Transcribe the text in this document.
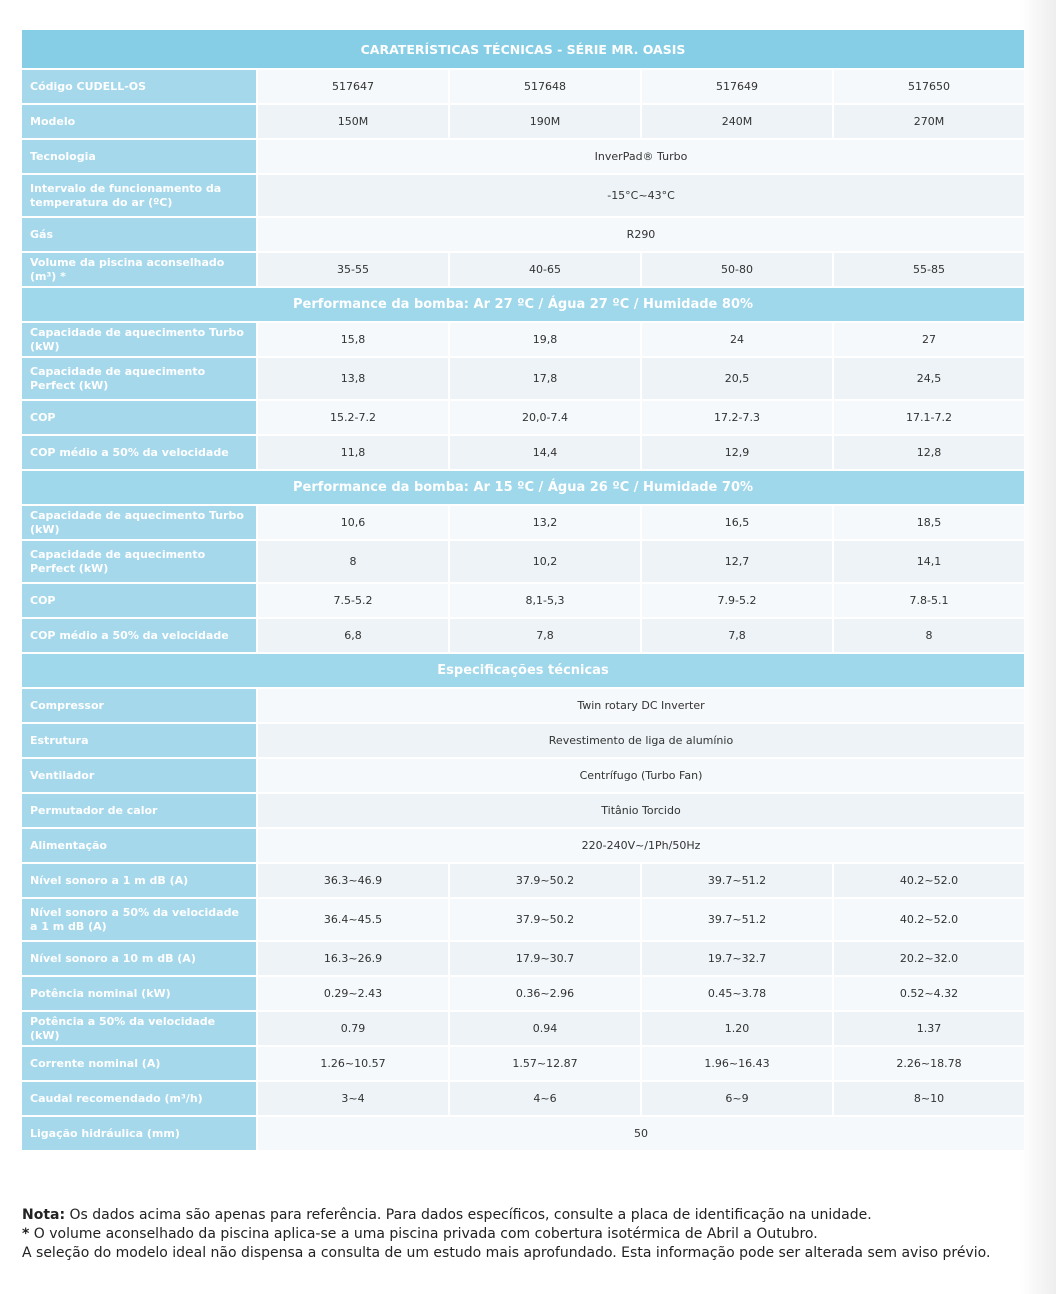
CARATERÍSTICAS TÉCNICAS - SÉRIE MR. OASIS
Código CUDELL-OS	517647	517648	517649	517650
Modelo	150M	190M	240M	270M
Tecnologia	InverPad® Turbo
Intervalo de funcionamento da temperatura do ar (ºC)	-15°C~43°C
Gás	R290
Volume da piscina aconselhado (m³) *	35-55	40-65	50-80	55-85
Performance da bomba: Ar 27 ºC / Água 27 ºC / Humidade 80%
Capacidade de aquecimento Turbo (kW)	15,8	19,8	24	27
Capacidade de aquecimento Perfect (kW)	13,8	17,8	20,5	24,5
COP	15.2-7.2	20,0-7.4	17.2-7.3	17.1-7.2
COP médio a 50% da velocidade	11,8	14,4	12,9	12,8
Performance da bomba: Ar 15 ºC / Água 26 ºC / Humidade 70%
Capacidade de aquecimento Turbo (kW)	10,6	13,2	16,5	18,5
Capacidade de aquecimento Perfect (kW)	8	10,2	12,7	14,1
COP	7.5-5.2	8,1-5,3	7.9-5.2	7.8-5.1
COP médio a 50% da velocidade	6,8	7,8	7,8	8
Especificações técnicas
Compressor	Twin rotary DC Inverter
Estrutura	Revestimento de liga de alumínio
Ventilador	Centrífugo (Turbo Fan)
Permutador de calor	Titânio Torcido
Alimentação	220-240V~/1Ph/50Hz
Nível sonoro a 1 m dB (A)	36.3~46.9	37.9~50.2	39.7~51.2	40.2~52.0
Nível sonoro a 50% da velocidade a 1 m dB (A)	36.4~45.5	37.9~50.2	39.7~51.2	40.2~52.0
Nível sonoro a 10 m dB (A)	16.3~26.9	17.9~30.7	19.7~32.7	20.2~32.0
Potência nominal (kW)	0.29~2.43	0.36~2.96	0.45~3.78	0.52~4.32
Potência a 50% da velocidade (kW)	0.79	0.94	1.20	1.37
Corrente nominal (A)	1.26~10.57	1.57~12.87	1.96~16.43	2.26~18.78
Caudal recomendado (m³/h)	3~4	4~6	6~9	8~10
Ligação hidráulica (mm)	50
Nota: Os dados acima são apenas para referência. Para dados específicos, consulte a placa de identificação na unidade.
* O volume aconselhado da piscina aplica-se a uma piscina privada com cobertura isotérmica de Abril a Outubro.
A seleção do modelo ideal não dispensa a consulta de um estudo mais aprofundado. Esta informação pode ser alterada sem aviso prévio.
